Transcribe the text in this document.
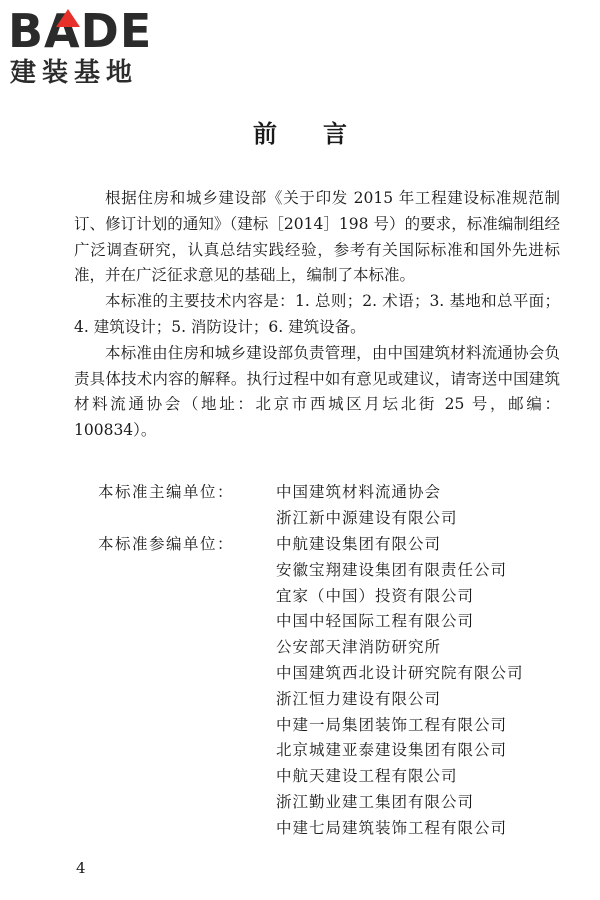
BADE
建装基地
前言

根据住房和城乡建设部《关于印发 2015 年工程建设标准规范制订、修订计划的通知》（建标［2014］198 号）的要求，标准编制组经广泛调查研究，认真总结实践经验，参考有关国际标准和国外先进标准，并在广泛征求意见的基础上，编制了本标准。

本标准的主要技术内容是：1. 总则；2. 术语；3. 基地和总平面；4. 建筑设计；5. 消防设计；6. 建筑设备。

本标准由住房和城乡建设部负责管理，由中国建筑材料流通协会负责具体技术内容的解释。执行过程中如有意见或建议，请寄送中国建筑材料流通协会（地址：北京市西城区月坛北街 25 号，邮编：100834）。

本标准主编单位：	中国建筑材料流通协会
浙江新中源建设有限公司
本标准参编单位：	中航建设集团有限公司
安徽宝翔建设集团有限责任公司
宜家（中国）投资有限公司
中国中轻国际工程有限公司
公安部天津消防研究所
中国建筑西北设计研究院有限公司
浙江恒力建设有限公司
中建一局集团装饰工程有限公司
北京城建亚泰建设集团有限公司
中航天建设工程有限公司
浙江勤业建工集团有限公司
中建七局建筑装饰工程有限公司
4
